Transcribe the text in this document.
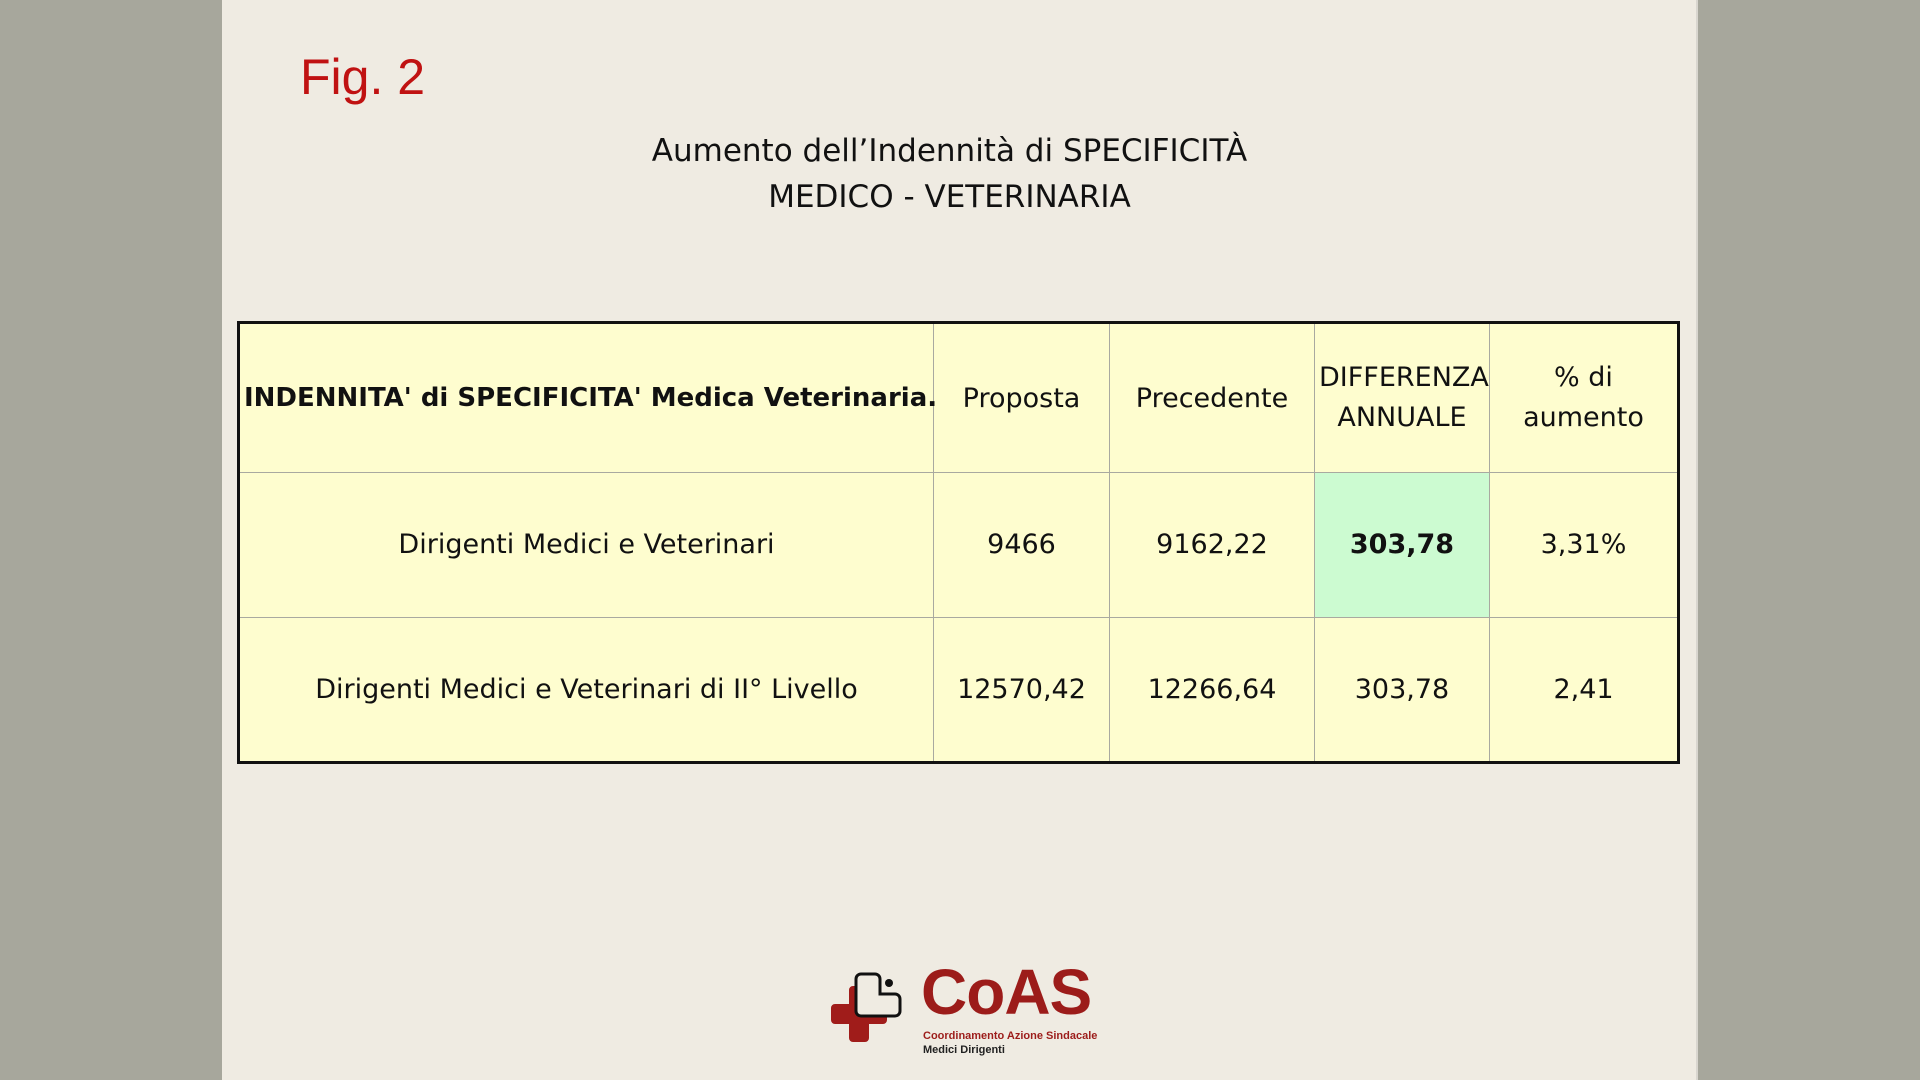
Fig. 2
Aumento dell’Indennità di SPECIFICITÀ
MEDICO - VETERINARIA
INDENNITA' di SPECIFICITA' Medica Veterinaria.	Proposta	Precedente	DIFFERENZA ANNUALE	% di aumento
Dirigenti Medici e Veterinari	9466	9162,22	303,78	3,31%
Dirigenti Medici e Veterinari di II° Livello	12570,42	12266,64	303,78	2,41
CoAS
Coordinamento Azione Sindacale
Medici Dirigenti
